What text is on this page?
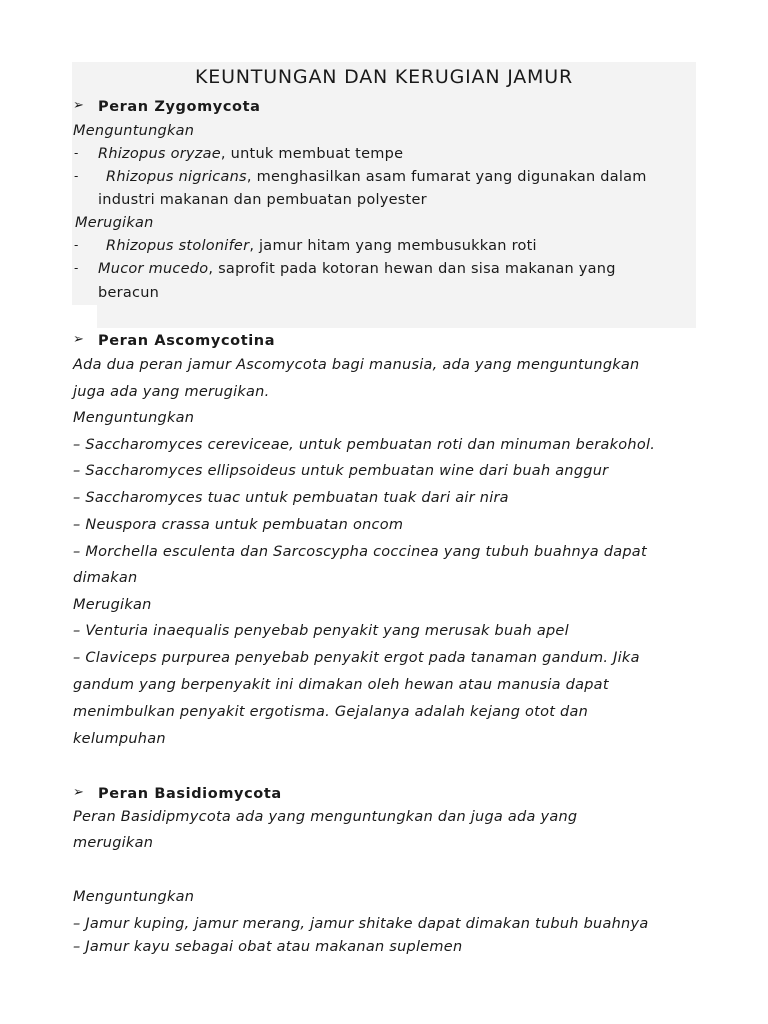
KEUNTUNGAN DAN KERUGIAN JAMUR
➢ Peran Zygomycota
Menguntungkan
- Rhizopus oryzae, untuk membuat tempe
- Rhizopus nigricans, menghasilkan asam fumarat yang digunakan dalam
industri makanan dan pembuatan polyester
Merugikan
- Rhizopus stolonifer, jamur hitam yang membusukkan roti
- Mucor mucedo, saprofit pada kotoran hewan dan sisa makanan yang
beracun
➢ Peran Ascomycotina
Ada dua peran jamur Ascomycota bagi manusia, ada yang menguntungkan
juga ada yang merugikan.
Menguntungkan
– Saccharomyces cereviceae, untuk pembuatan roti dan minuman berakohol.
– Saccharomyces ellipsoideus untuk pembuatan wine dari buah anggur
– Saccharomyces tuac untuk pembuatan tuak dari air nira
– Neuspora crassa untuk pembuatan oncom
– Morchella esculenta dan Sarcoscypha coccinea yang tubuh buahnya dapat
dimakan
Merugikan
– Venturia inaequalis penyebab penyakit yang merusak buah apel
– Claviceps purpurea penyebab penyakit ergot pada tanaman gandum. Jika
gandum yang berpenyakit ini dimakan oleh hewan atau manusia dapat
menimbulkan penyakit ergotisma. Gejalanya adalah kejang otot dan
kelumpuhan
➢ Peran Basidiomycota
Peran Basidipmycota ada yang menguntungkan dan juga ada yang
merugikan
Menguntungkan
– Jamur kuping, jamur merang, jamur shitake dapat dimakan tubuh buahnya
– Jamur kayu sebagai obat atau makanan suplemen
